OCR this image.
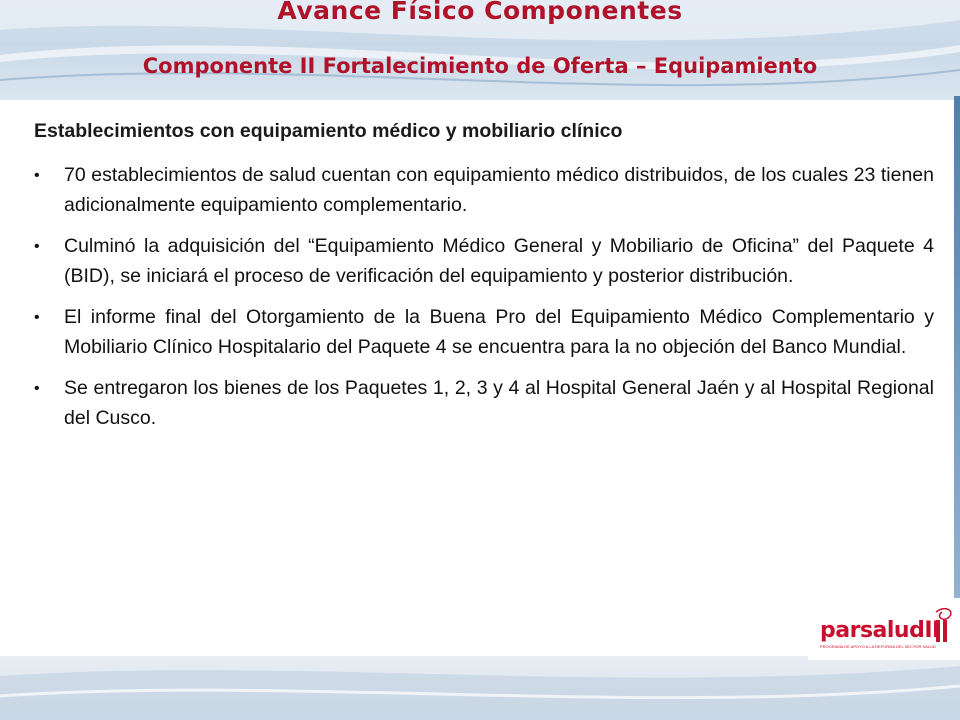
Avance Físico Componentes
Componente II Fortalecimiento de Oferta – Equipamiento

Establecimientos con equipamiento médico y mobiliario clínico

• 70 establecimientos de salud cuentan con equipamiento médico distribuidos, de los cuales 23 tienen adicionalmente equipamiento complementario.
• Culminó la adquisición del “Equipamiento Médico General y Mobiliario de Oficina” del Paquete 4 (BID), se iniciará el proceso de verificación del equipamiento y posterior distribución.
• El informe final del Otorgamiento de la Buena Pro del Equipamiento Médico Complementario y Mobiliario Clínico Hospitalario del Paquete 4 se encuentra para la no objeción del Banco Mundial.
• Se entregaron los bienes de los Paquetes 1, 2, 3 y 4 al Hospital General Jaén y al Hospital Regional del Cusco.
parsaludII
PROGRAMA DE APOYO A LA REFORMA DEL SECTOR SALUD
